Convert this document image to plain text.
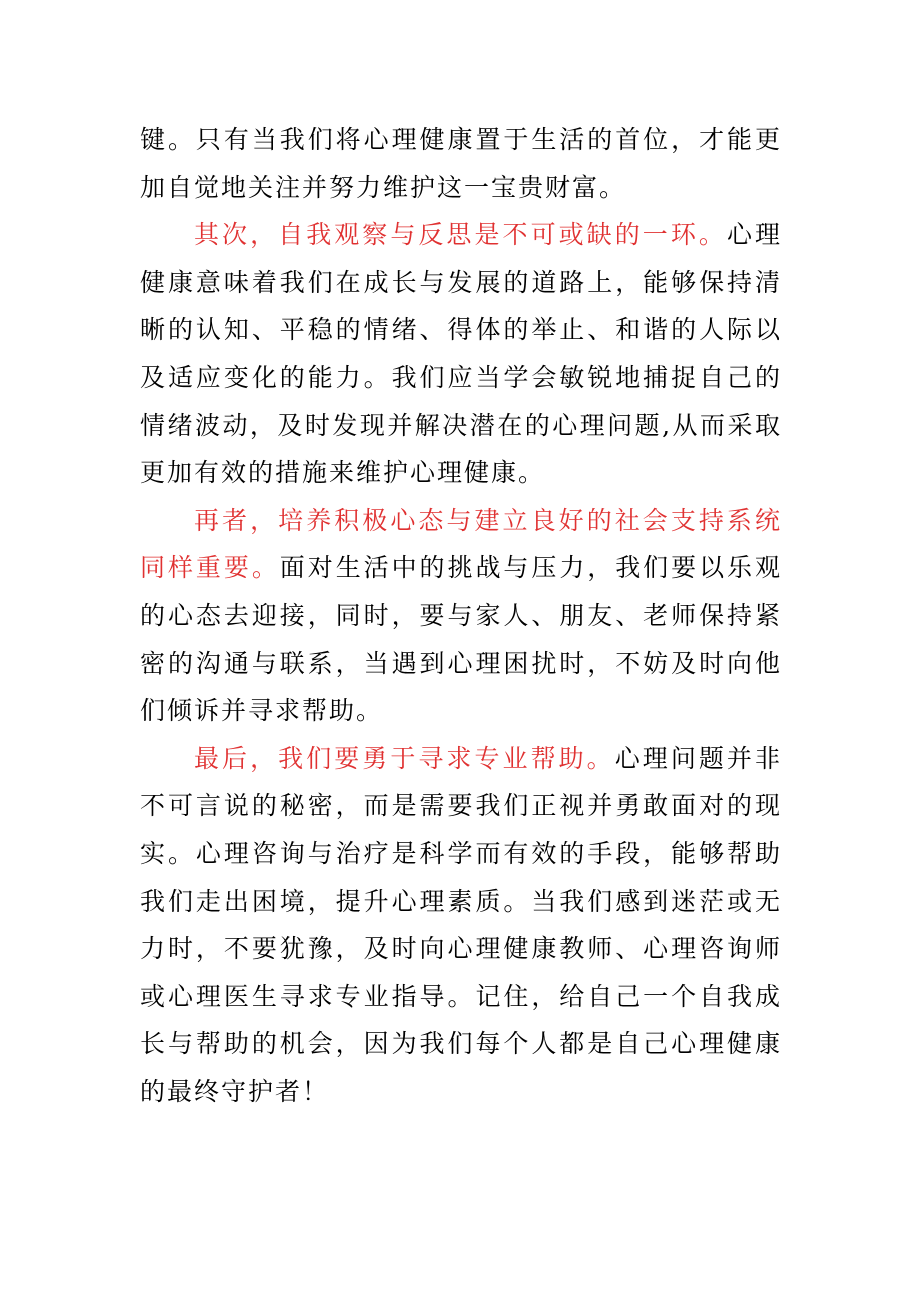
键。只有当我们将心理健康置于生活的首位，才能更加自觉地关注并努力维护这一宝贵财富。

其次，自我观察与反思是不可或缺的一环。心理健康意味着我们在成长与发展的道路上，能够保持清晰的认知、平稳的情绪、得体的举止、和谐的人际以及适应变化的能力。我们应当学会敏锐地捕捉自己的情绪波动，及时发现并解决潜在的心理问题,从而采取更加有效的措施来维护心理健康。

再者，培养积极心态与建立良好的社会支持系统同样重要。面对生活中的挑战与压力，我们要以乐观的心态去迎接，同时，要与家人、朋友、老师保持紧密的沟通与联系，当遇到心理困扰时，不妨及时向他们倾诉并寻求帮助。

最后，我们要勇于寻求专业帮助。心理问题并非不可言说的秘密，而是需要我们正视并勇敢面对的现实。心理咨询与治疗是科学而有效的手段，能够帮助我们走出困境，提升心理素质。当我们感到迷茫或无力时，不要犹豫，及时向心理健康教师、心理咨询师或心理医生寻求专业指导。记住，给自己一个自我成长与帮助的机会，因为我们每个人都是自己心理健康的最终守护者！
